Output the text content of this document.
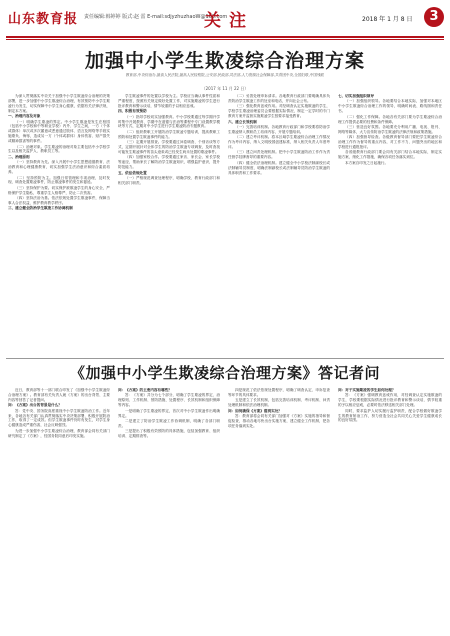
山东教育报 责任编辑:韩婷婷 版式:赵 雷 E-mail:sdjyzhuzhaoW@163.com
关注	2018 年 1 月 8 日	3
加强中小学生欺凌综合治理方案
教育部,中央综治办,最高人民法院,最高人民检察院,公安部,民政部,司法部,人力资源社会保障部,共青团中央,全国妇联,中国残联
（2017 年 11 月 22 日）

为深入贯彻落实中央关于加强中小学生欺凌综合治理的决策部署，进一步加强中小学生欺凌综合治理，有效预防中小学生欺凌行为发生，切实保障中小学生身心健康，依据有关法律法规，制定本方案。

一、治理内容及对象

（一）明确学生欺凌的界定。中小学生欺凌是发生在校园（包括中小学校和中等职业学校）内外、学生之间，一方（个体或群体）单次或多次蓄意或恶意通过肢体、语言及网络等手段实施欺负、侮辱，造成另一方（个体或群体）身体伤害、财产损失或精神损害等的事件。

（二）治理对象。学生欺凌的治理对象主要包括中小学校学生以及相关监护人、教职员工等。

二、治理原则

（一）坚持教育为先。深入开展中小学生思想道德教育、法治教育和心理健康教育，切实加强学生法治意识和综合素质培养。

（二）坚持预防为主。加强日常管理和专项治理，及时发现、调查处置欺凌事件，防止欺凌事件的发生和蔓延。

（三）坚持保护为要。切实保护被欺凌学生的身心安全，严格保护学生隐私，尊重学生人格尊严，防止二次伤害。

（四）坚持法治为基。依法依规处置学生欺凌事件，保障当事人合法权益，维护教育教学秩序。

三、建立健全防治学生欺凌工作协调机制

学生欺凌事件的处置以学校为主。学校应当确认事件性质和严重程度，按照有关规定做好处置工作，对实施欺凌的学生进行批评教育和警示谈话，情节较重的予以相应惩戒。

四、积极有效预防

（一）指导学校切实加强教育。中小学校要通过每学期开学时集中开展教育、学期中在道德与法治等课程中专门设置教学模块等方式，定期对中小学生进行学生欺凌防治专题教育。

（二）组织教职工开展防治学生欺凌专题培训，提高教职工预防和处置学生欺凌事件的能力。

（三）定期开展排查。学校要通过问卷调查、个别访谈等方式，定期开展针对全体学生的防治学生欺凌专项调查，及时查找可能发生欺凌事件的苗头迹象或已经发生尚未处置的欺凌事件。

（四）加强家校合作。学校要通过家访、家长会、家长学校等途径，帮助家长了解防治学生欺凌知识，增强监护意识，提升防范能力。

五、依法依规处置

（一）严格规范调查处理程序，明确学校、教育行政部门和相关部门职责。

（二）妥善处理申诉请求。各地教育行政部门要明确具体负责防治学生欺凌工作的处室和电话，并向社会公布。

（三）强化教育惩戒作用。对经调查认定实施欺凌的学生，学校学生欺凌治理委员会要根据实际情况，制定一定学时的专门教育方案并监督实施欺凌学生按要求接受教育。

六、建立长效机制

（一）完善培训机制。各地教育行政部门和学校要将防治学生欺凌纳入教职员工培训内容，开展专题培训。

（二）建立考评机制。将本区域学生欺凌综合治理工作情况作为考评内容，纳入文明校园创建标准，纳入相关负责人年度考评。

（三）建立问责处理机制。把中小学生欺凌防治工作作为责任督学挂牌督导的重要内容。

（四）健全依法治理机制。建立健全中小学校法制副校长或法制辅导员制度，明确法制副校长或法制辅导员防治学生欺凌的具体职责和工作要求。

七、切实加强组织领导

（一）加强组织领导。各地要结合本地实际，加强对本地区中小学生欺凌综合治理工作的领导，明确时间表、路线图和责任书。

（二）强化工作保障。各地各有关部门要为学生欺凌综合治理工作提供必要的经费和条件保障。

（三）营造良好氛围。各地要充分利用广播、电视、报刊、网络等媒体，大力宣传防治学生欺凌的法律法规和政策措施。

（四）加强督导检查。各级教育督导部门要把学生欺凌综合治理工作作为督导的重点内容，对工作不力、问题突出的地区和学校进行通报批评。

各省级教育行政部门要会同有关部门结合本地实际，制定实施方案，细化工作措施，确保各项任务落实到位。

本方案自印发之日起施行。

《加强中小学生欺凌综合治理方案》答记者问

近日，教育部等十一部门联合印发了《加强中小学生欺凌综合治理方案》。教育部有关负责人就《方案》的出台背景、主要内容等回答了记者提问。

问：《方案》出台的背景是什么？

答：党中央、国务院高度重视中小学生欺凌防治工作。近年来，各地各有关部门认真贯彻落实中央决策部署，积极开展防治工作，取得了一定成效。但学生欺凌事件仍时有发生，对学生身心健康造成严重伤害，社会反映强烈。

为进一步加强中小学生欺凌综合治理，教育部会同有关部门研究制定了《方案》，经国务院同意后印发实施。

问：《方案》的主要内容有哪些？

答：《方案》共分为七个部分，明确了学生欺凌的界定、治理原则、工作机制、预防措施、处置程序、长效机制和组织保障等内容。

一是明确了学生欺凌的界定，首次对中小学生欺凌作出明确界定。

二是建立了防治学生欺凌工作协调机制，明确了各部门职责。

三是提出了积极有效预防的具体措施，包括加强教育、组织培训、定期排查等。

四是规范了依法依规处置程序，明确了调查认定、申诉复查等环节的具体要求。

五是建立了长效机制，包括完善培训机制、考评机制、问责处理机制和依法治理机制。

问：如何确保《方案》落到实处？

答：教育部将会同有关部门加强对《方案》实施的指导和督促检查，推动各地尽快出台实施方案，建立健全工作机制，把各项任务落到实处。

问：对于实施欺凌的学生如何处理？

答：《方案》强调教育惩戒作用，对经调查认定实施欺凌的学生，学校要根据实际情况进行批评教育和警示谈话，情节较重的予以相应惩戒，必要时依法移送相关部门处理。

同时，要求监护人切实履行监护职责，配合学校做好欺凌学生的教育矫治工作，努力营造全社会共同关心关爱学生健康成长的良好氛围。
